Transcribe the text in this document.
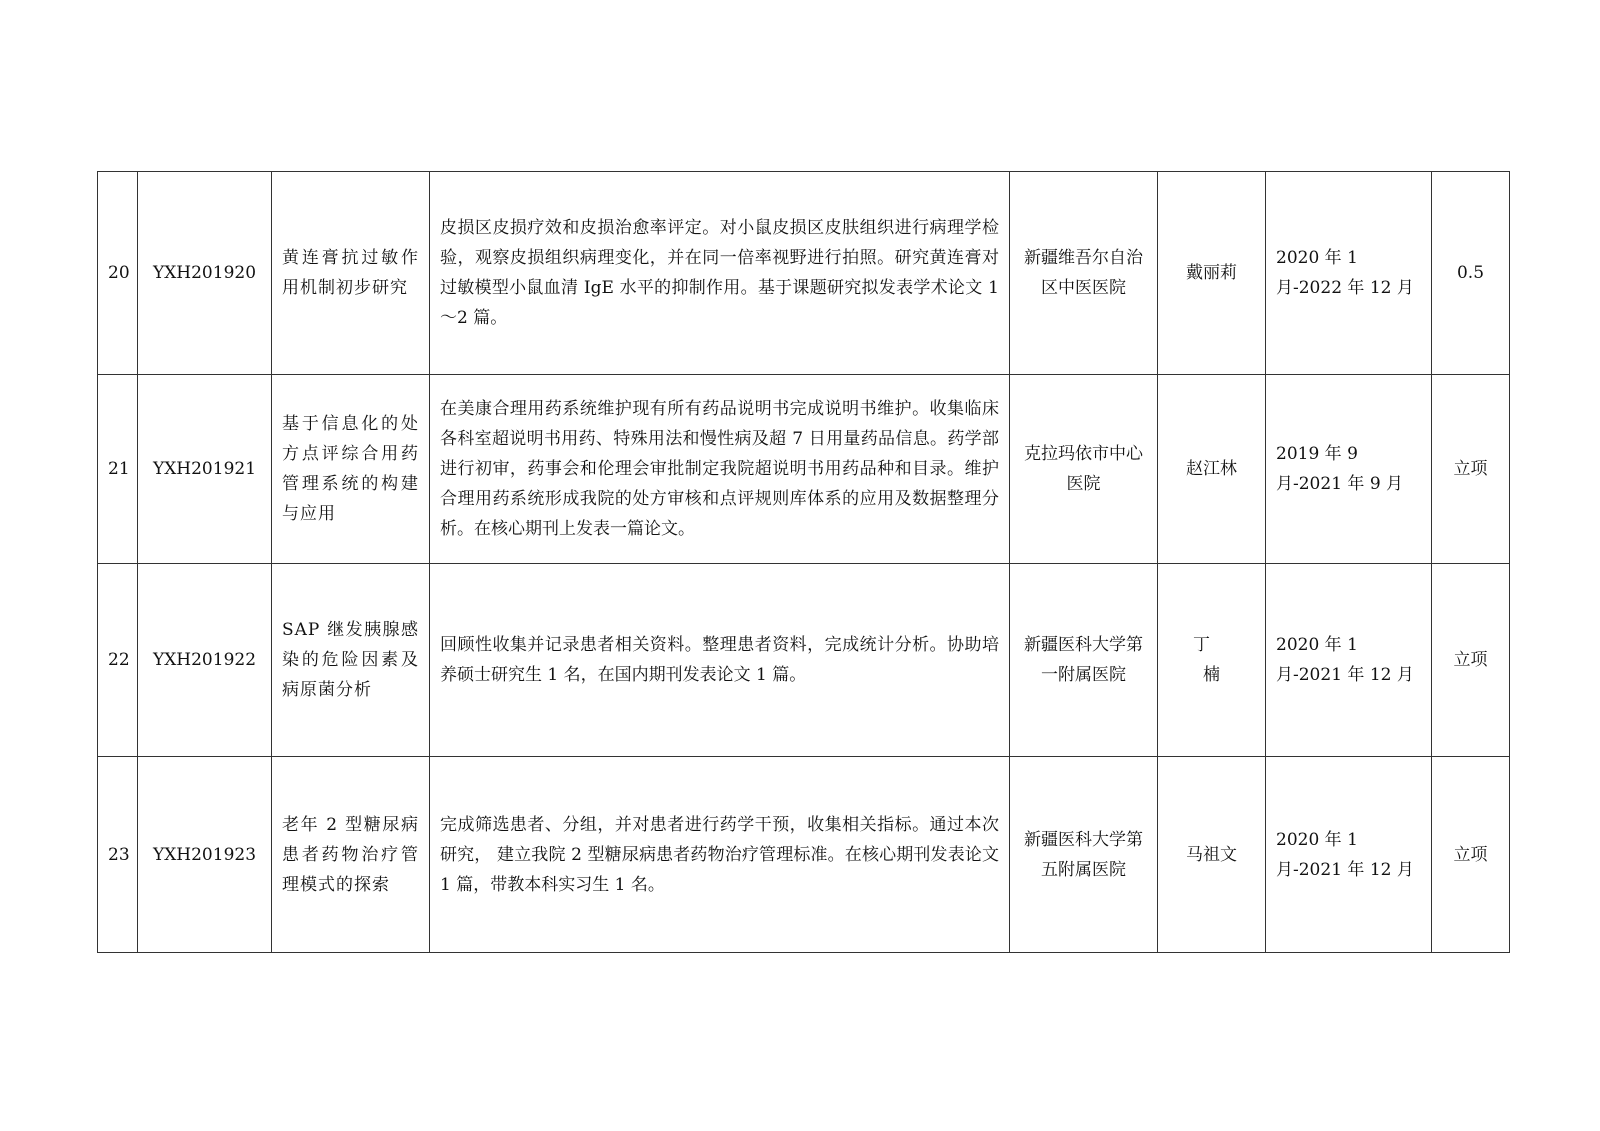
20	YXH201920	黄连膏抗过敏作用机制初步研究	皮损区皮损疗效和皮损治愈率评定。对小鼠皮损区皮肤组织进行病理学检验，观察皮损组织病理变化，并在同一倍率视野进行拍照。研究黄连膏对过敏模型小鼠血清 IgE 水平的抑制作用。基于课题研究拟发表学术论文 1～2 篇。	新疆维吾尔自治区中医医院	戴丽莉	2020 年 1 月-2022 年 12 月	0.5
21	YXH201921	基于信息化的处方点评综合用药管理系统的构建与应用	在美康合理用药系统维护现有所有药品说明书完成说明书维护。收集临床各科室超说明书用药、特殊用法和慢性病及超 7 日用量药品信息。药学部进行初审，药事会和伦理会审批制定我院超说明书用药品种和目录。维护合理用药系统形成我院的处方审核和点评规则库体系的应用及数据整理分析。在核心期刊上发表一篇论文。	克拉玛依市中心医院	赵江林	2019 年 9 月-2021 年 9 月	立项
22	YXH201922	SAP 继发胰腺感染的危险因素及病原菌分析	回顾性收集并记录患者相关资料。整理患者资料，完成统计分析。协助培养硕士研究生 1 名，在国内期刊发表论文 1 篇。	新疆医科大学第一附属医院	丁 楠	2020 年 1 月-2021 年 12 月	立项
23	YXH201923	老年 2 型糖尿病患者药物治疗管理模式的探索	完成筛选患者、分组，并对患者进行药学干预，收集相关指标。通过本次研究， 建立我院 2 型糖尿病患者药物治疗管理标准。在核心期刊发表论文 1 篇，带教本科实习生 1 名。	新疆医科大学第五附属医院	马祖文	2020 年 1 月-2021 年 12 月	立项
